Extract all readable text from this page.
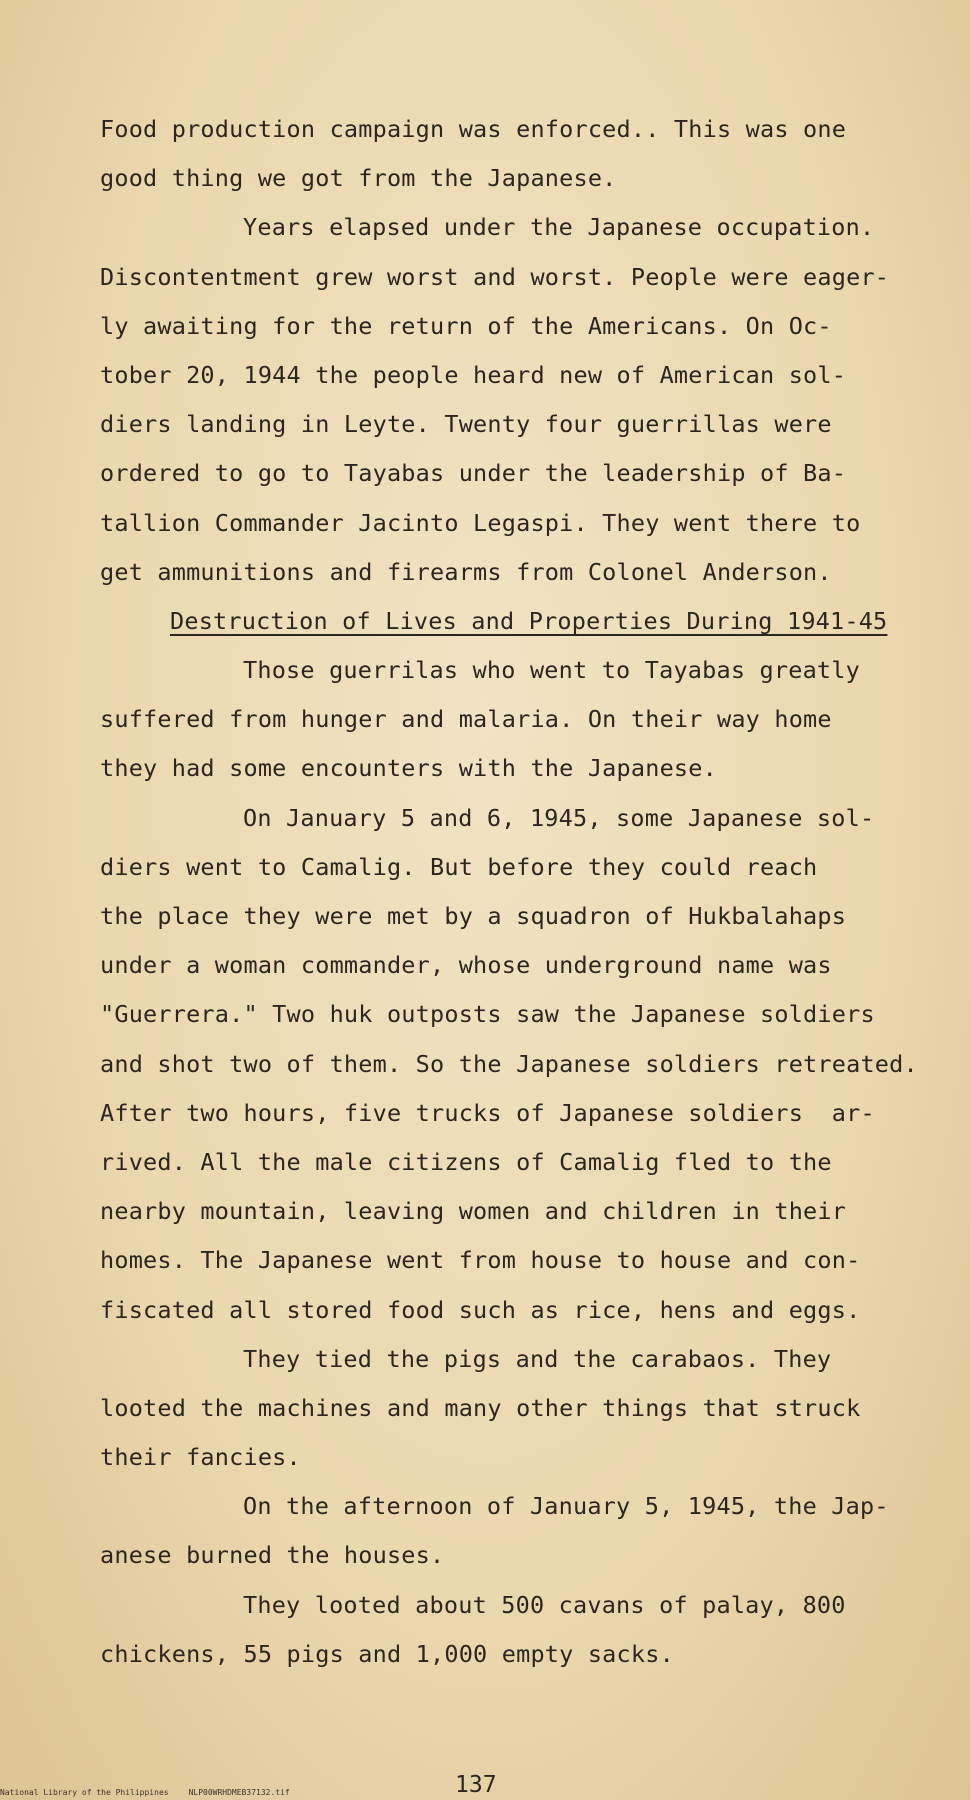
Food production campaign was enforced.. This was one
good thing we got from the Japanese.
Years elapsed under the Japanese occupation.
Discontentment grew worst and worst. People were eager-
ly awaiting for the return of the Americans. On Oc-
tober 20, 1944 the people heard new of American sol-
diers landing in Leyte. Twenty four guerrillas were
ordered to go to Tayabas under the leadership of Ba-
tallion Commander Jacinto Legaspi. They went there to
get ammunitions and firearms from Colonel Anderson.
Destruction of Lives and Properties During 1941-45
Those guerrilas who went to Tayabas greatly
suffered from hunger and malaria. On their way home
they had some encounters with the Japanese.
On January 5 and 6, 1945, some Japanese sol-
diers went to Camalig. But before they could reach
the place they were met by a squadron of Hukbalahaps
under a woman commander, whose underground name was
"Guerrera." Two huk outposts saw the Japanese soldiers
and shot two of them. So the Japanese soldiers retreated.
After two hours, five trucks of Japanese soldiers  ar-
rived. All the male citizens of Camalig fled to the
nearby mountain, leaving women and children in their
homes. The Japanese went from house to house and con-
fiscated all stored food such as rice, hens and eggs.
They tied the pigs and the carabaos. They
looted the machines and many other things that struck
their fancies.
On the afternoon of January 5, 1945, the Jap-
anese burned the houses.
They looted about 500 cavans of palay, 800
chickens, 55 pigs and 1,000 empty sacks.
137
National Library of the Philippines	NLP00WRHDMEB37132.tif
